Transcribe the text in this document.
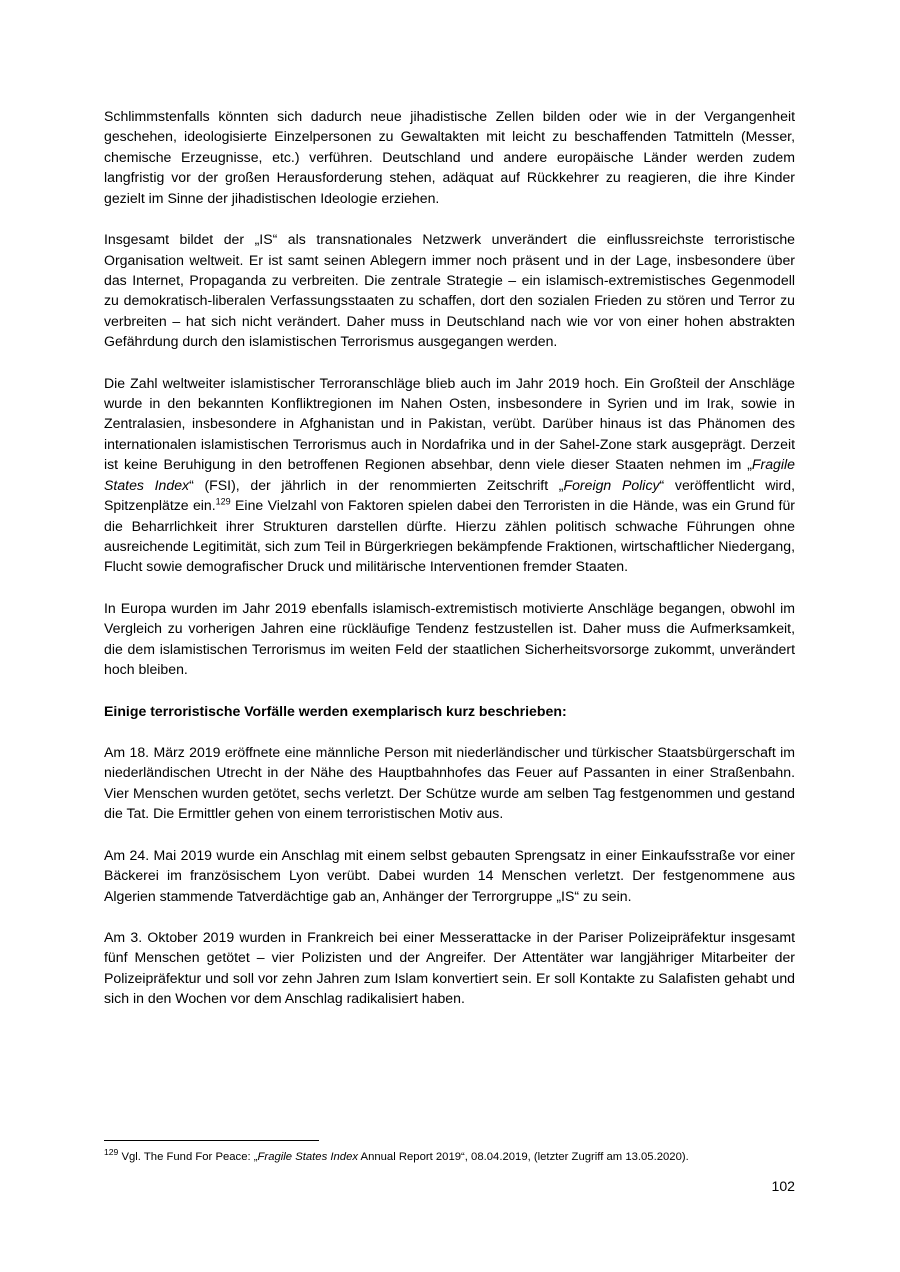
Schlimmstenfalls könnten sich dadurch neue jihadistische Zellen bilden oder wie in der Vergangenheit geschehen, ideologisierte Einzelpersonen zu Gewaltakten mit leicht zu beschaffenden Tatmitteln (Messer, chemische Erzeugnisse, etc.) verführen. Deutschland und andere europäische Länder werden zudem langfristig vor der großen Herausforderung stehen, adäquat auf Rückkehrer zu reagieren, die ihre Kinder gezielt im Sinne der jihadistischen Ideologie erziehen.

Insgesamt bildet der „IS“ als transnationales Netzwerk unverändert die einflussreichste terroristische Organisation weltweit. Er ist samt seinen Ablegern immer noch präsent und in der Lage, insbesondere über das Internet, Propaganda zu verbreiten. Die zentrale Strategie – ein islamisch-extremistisches Gegenmodell zu demokratisch-liberalen Verfassungsstaaten zu schaffen, dort den sozialen Frieden zu stören und Terror zu verbreiten – hat sich nicht verändert. Daher muss in Deutschland nach wie vor von einer hohen abstrakten Gefährdung durch den islamistischen Terrorismus ausgegangen werden.

Die Zahl weltweiter islamistischer Terroranschläge blieb auch im Jahr 2019 hoch. Ein Großteil der Anschläge wurde in den bekannten Konfliktregionen im Nahen Osten, insbesondere in Syrien und im Irak, sowie in Zentralasien, insbesondere in Afghanistan und in Pakistan, verübt. Darüber hinaus ist das Phänomen des internationalen islamistischen Terrorismus auch in Nordafrika und in der Sahel-Zone stark ausgeprägt. Derzeit ist keine Beruhigung in den betroffenen Regionen absehbar, denn viele dieser Staaten nehmen im „Fragile States Index“ (FSI), der jährlich in der renommierten Zeitschrift „Foreign Policy“ veröffentlicht wird, Spitzenplätze ein.$^{129}$ Eine Vielzahl von Faktoren spielen dabei den Terroristen in die Hände, was ein Grund für die Beharrlichkeit ihrer Strukturen darstellen dürfte. Hierzu zählen politisch schwache Führungen ohne ausreichende Legitimität, sich zum Teil in Bürgerkriegen bekämpfende Fraktionen, wirtschaftlicher Niedergang, Flucht sowie demografischer Druck und militärische Interventionen fremder Staaten.

In Europa wurden im Jahr 2019 ebenfalls islamisch-extremistisch motivierte Anschläge begangen, obwohl im Vergleich zu vorherigen Jahren eine rückläufige Tendenz festzustellen ist. Daher muss die Aufmerksamkeit, die dem islamistischen Terrorismus im weiten Feld der staatlichen Sicherheitsvorsorge zukommt, unverändert hoch bleiben.

Einige terroristische Vorfälle werden exemplarisch kurz beschrieben:

Am 18. März 2019 eröffnete eine männliche Person mit niederländischer und türkischer Staatsbürgerschaft im niederländischen Utrecht in der Nähe des Hauptbahnhofes das Feuer auf Passanten in einer Straßenbahn. Vier Menschen wurden getötet, sechs verletzt. Der Schütze wurde am selben Tag festgenommen und gestand die Tat. Die Ermittler gehen von einem terroristischen Motiv aus.

Am 24. Mai 2019 wurde ein Anschlag mit einem selbst gebauten Sprengsatz in einer Einkaufsstraße vor einer Bäckerei im französischem Lyon verübt. Dabei wurden 14 Menschen verletzt. Der festgenommene aus Algerien stammende Tatverdächtige gab an, Anhänger der Terrorgruppe „IS“ zu sein.

Am 3. Oktober 2019 wurden in Frankreich bei einer Messerattacke in der Pariser Polizeipräfektur insgesamt fünf Menschen getötet – vier Polizisten und der Angreifer. Der Attentäter war langjähriger Mitarbeiter der Polizeipräfektur und soll vor zehn Jahren zum Islam konvertiert sein. Er soll Kontakte zu Salafisten gehabt und sich in den Wochen vor dem Anschlag radikalisiert haben.

$^{129}$ Vgl. The Fund For Peace: „Fragile States Index Annual Report 2019“, 08.04.2019, (letzter Zugriff am 13.05.2020).

102
